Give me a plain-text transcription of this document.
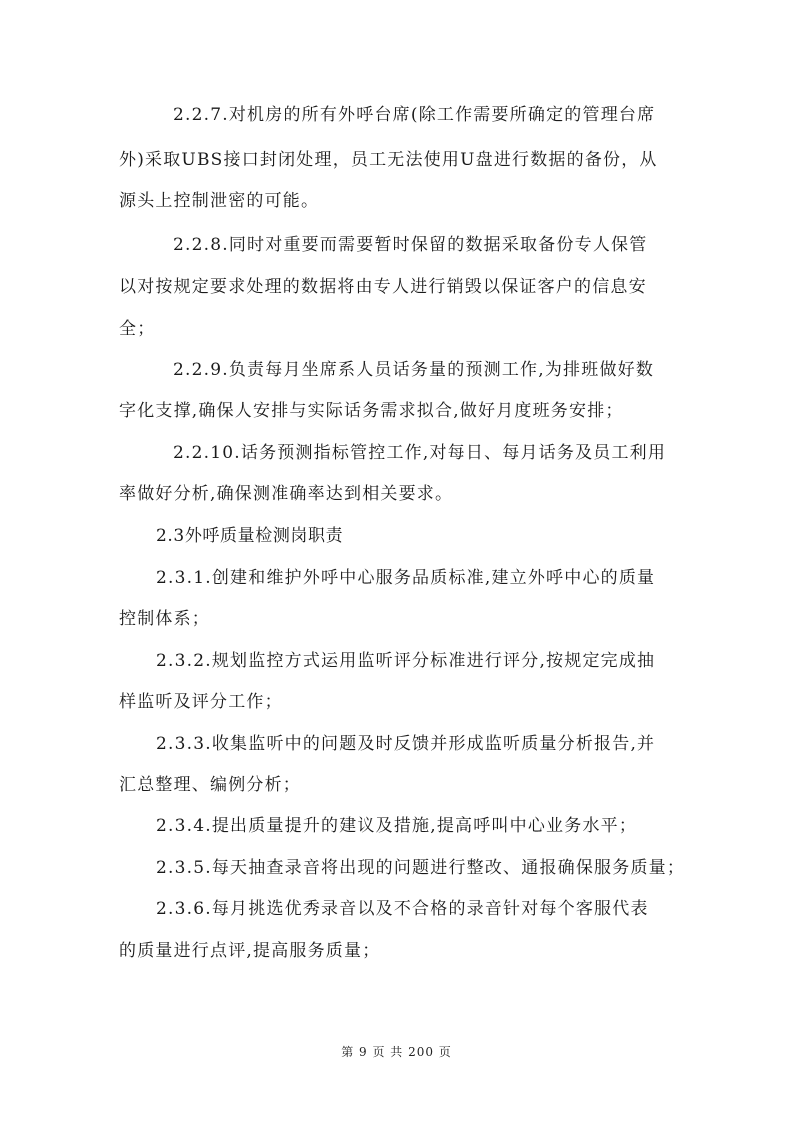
2.2.7.对机房的所有外呼台席(除工作需要所确定的管理台席
外)采取UBS接口封闭处理，员工无法使用U盘进行数据的备份，从
源头上控制泄密的可能。
2.2.8.同时对重要而需要暂时保留的数据采取备份专人保管
以对按规定要求处理的数据将由专人进行销毁以保证客户的信息安
全；
2.2.9.负责每月坐席系人员话务量的预测工作,为排班做好数
字化支撑,确保人安排与实际话务需求拟合,做好月度班务安排；
2.2.10.话务预测指标管控工作,对每日、每月话务及员工利用
率做好分析,确保测准确率达到相关要求。
2.3外呼质量检测岗职责
2.3.1.创建和维护外呼中心服务品质标准,建立外呼中心的质量
控制体系；
2.3.2.规划监控方式运用监听评分标准进行评分,按规定完成抽
样监听及评分工作；
2.3.3.收集监听中的问题及时反馈并形成监听质量分析报告,并
汇总整理、编例分析；
2.3.4.提出质量提升的建议及措施,提高呼叫中心业务水平；
2.3.5.每天抽查录音将出现的问题进行整改、通报确保服务质量；
2.3.6.每月挑选优秀录音以及不合格的录音针对每个客服代表
的质量进行点评,提高服务质量；
第 9 页 共 200 页
